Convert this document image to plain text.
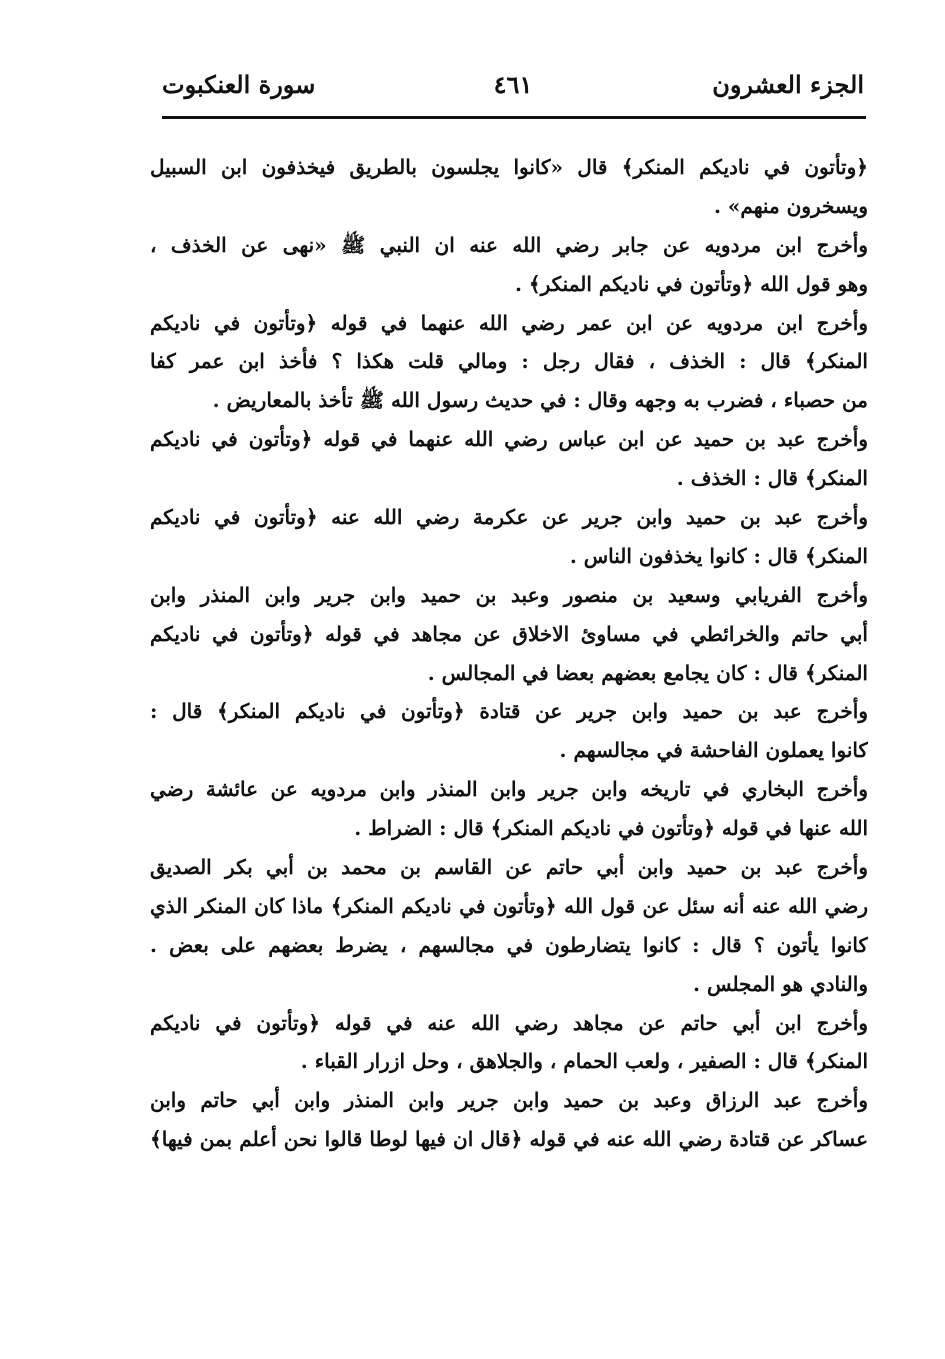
الجزء العشرون
٤٦١
سورة العنكبوت
﴿وتأتون في ناديكم المنكر﴾ قال «كانوا يجلسون بالطريق فيخذفون ابن السبيل
ويسخرون منهم» .
وأخرج ابن مردويه عن جابر رضي الله عنه ان النبي ﷺ «نهى عن الخذف ،
وهو قول الله ﴿وتأتون في ناديكم المنكر﴾ .
وأخرج ابن مردويه عن ابن عمر رضي الله عنهما في قوله ﴿وتأتون في ناديكم
المنكر﴾ قال : الخذف ، فقال رجل : ومالي قلت هكذا ؟ فأخذ ابن عمر كفا
من حصباء ، فضرب به وجهه وقال : في حديث رسول الله ﷺ تأخذ بالمعاريض .
وأخرج عبد بن حميد عن ابن عباس رضي الله عنهما في قوله ﴿وتأتون في ناديكم
المنكر﴾ قال : الخذف .
وأخرج عبد بن حميد وابن جرير عن عكرمة رضي الله عنه ﴿وتأتون في ناديكم
المنكر﴾ قال : كانوا يخذفون الناس .
وأخرج الفريابي وسعيد بن منصور وعبد بن حميد وابن جرير وابن المنذر وابن
أبي حاتم والخرائطي في مساوئ الاخلاق عن مجاهد في قوله ﴿وتأتون في ناديكم
المنكر﴾ قال : كان يجامع بعضهم بعضا في المجالس .
وأخرج عبد بن حميد وابن جرير عن قتادة ﴿وتأتون في ناديكم المنكر﴾ قال :
كانوا يعملون الفاحشة في مجالسهم .
وأخرج البخاري في تاريخه وابن جرير وابن المنذر وابن مردويه عن عائشة رضي
الله عنها في قوله ﴿وتأتون في ناديكم المنكر﴾ قال : الضراط .
وأخرج عبد بن حميد وابن أبي حاتم عن القاسم بن محمد بن أبي بكر الصديق
رضي الله عنه أنه سئل عن قول الله ﴿وتأتون في ناديكم المنكر﴾ ماذا كان المنكر الذي
كانوا يأتون ؟ قال : كانوا يتضارطون في مجالسهم ، يضرط بعضهم على بعض .
والنادي هو المجلس .
وأخرج ابن أبي حاتم عن مجاهد رضي الله عنه في قوله ﴿وتأتون في ناديكم
المنكر﴾ قال : الصفير ، ولعب الحمام ، والجلاهق ، وحل ازرار القباء .
وأخرج عبد الرزاق وعبد بن حميد وابن جرير وابن المنذر وابن أبي حاتم وابن
عساكر عن قتادة رضي الله عنه في قوله ﴿قال ان فيها لوطا قالوا نحن أعلم بمن فيها﴾
